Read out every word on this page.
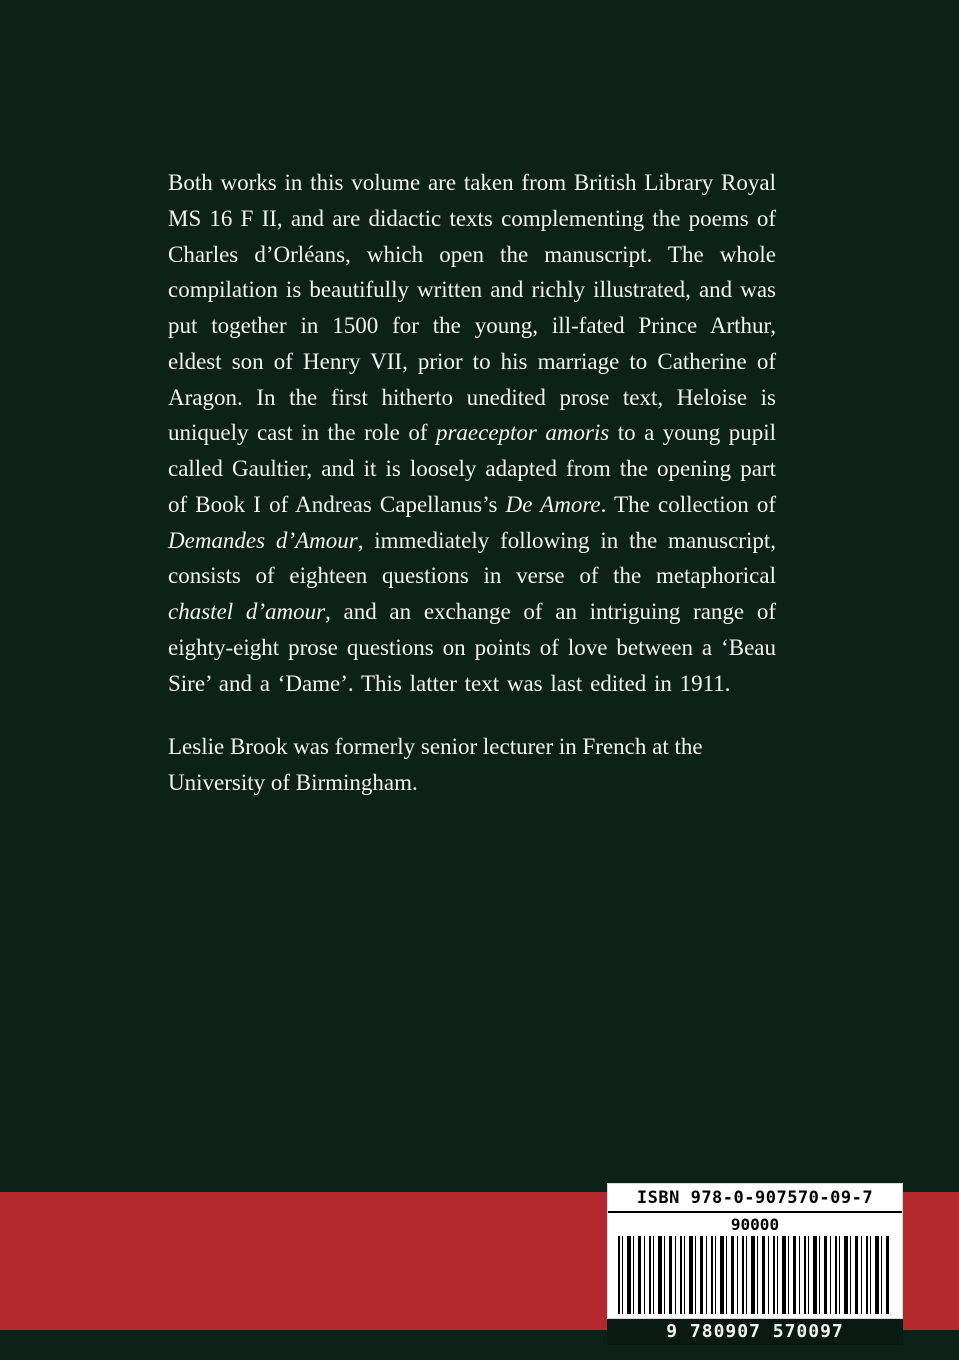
Both works in this volume are taken from British Library Royal MS 16 F II, and are didactic texts complementing the poems of Charles d’Orléans, which open the manuscript. The whole compilation is beautifully written and richly illustrated, and was put together in 1500 for the young, ill-fated Prince Arthur, eldest son of Henry VII, prior to his marriage to Catherine of Aragon. In the first hitherto unedited prose text, Heloise is uniquely cast in the role of praeceptor amoris to a young pupil called Gaultier, and it is loosely adapted from the opening part of Book I of Andreas Capellanus’s De Amore. The collection of Demandes d’Amour, immediately following in the manuscript, consists of eighteen questions in verse of the metaphorical chastel d’amour, and an exchange of an intriguing range of eighty-eight prose questions on points of love between a ‘Beau Sire’ and a ‘Dame’. This latter text was last edited in 1911.

Leslie Brook was formerly senior lecturer in French at the University of Birmingham.

ISBN 978-0-907570-09-7
90000
9 780907 570097
